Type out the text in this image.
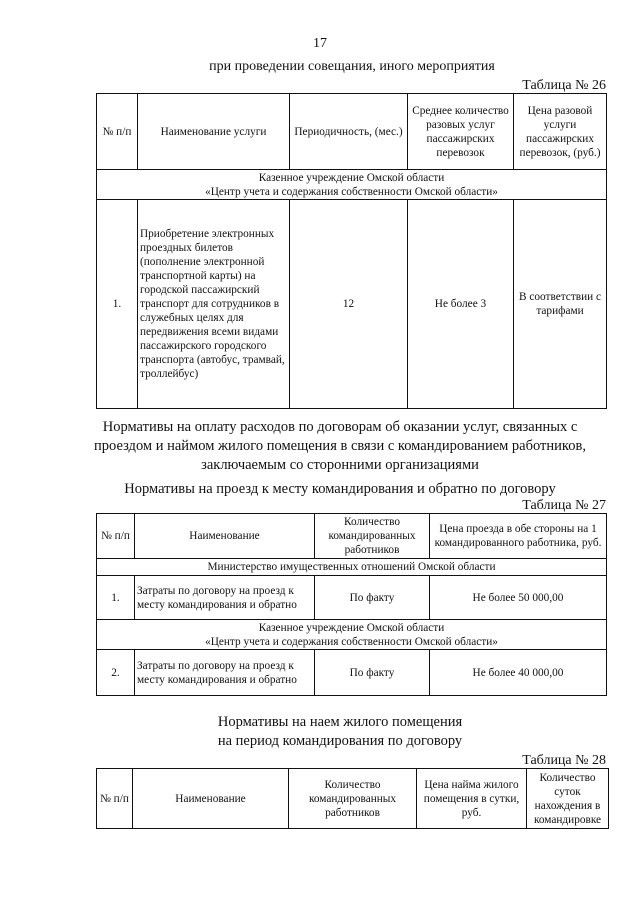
17
при проведении совещания, иного мероприятия
Таблица № 26
№ п/п	Наименование услуги	Периодичность, (мес.)	Среднее количество разовых услуг пассажирских перевозок	Цена разовой услуги пассажирских перевозок, (руб.)

Казенное учреждение Омской области
«Центр учета и содержания собственности Омской области»				

1.	Приобретение электронных проездных билетов (пополнение электронной транспортной карты) на городской пассажирский транспорт для сотрудников в служебных целях для передвижения всеми видами пассажирского городского транспорта (автобус, трамвай, троллейбус)	12	Не более 3	В соответствии с тарифами
Нормативы на оплату расходов по договорам об оказании услуг, связанных с проездом и наймом жилого помещения в связи с командированием работников, заключаемым со сторонними организациями
Нормативы на проезд к месту командирования и обратно по договору
Таблица № 27
№ п/п	Наименование	Количество командированных работников	Цена проезда в обе стороны на 1 командированного работника, руб.
Министерство имущественных отношений Омской области			
1.	Затраты по договору на проезд к месту командирования и обратно	По факту	Не более 50 000,00

Казенное учреждение Омской области
«Центр учета и содержания собственности Омской области»			

2.	Затраты по договору на проезд к месту командирования и обратно	По факту	Не более 40 000,00
Нормативы на наем жилого помещения
на период командирования по договору
Таблица № 28
№ п/п	Наименование	Количество командированных работников	Цена найма жилого помещения в сутки, руб.	Количество суток нахождения в командировке
